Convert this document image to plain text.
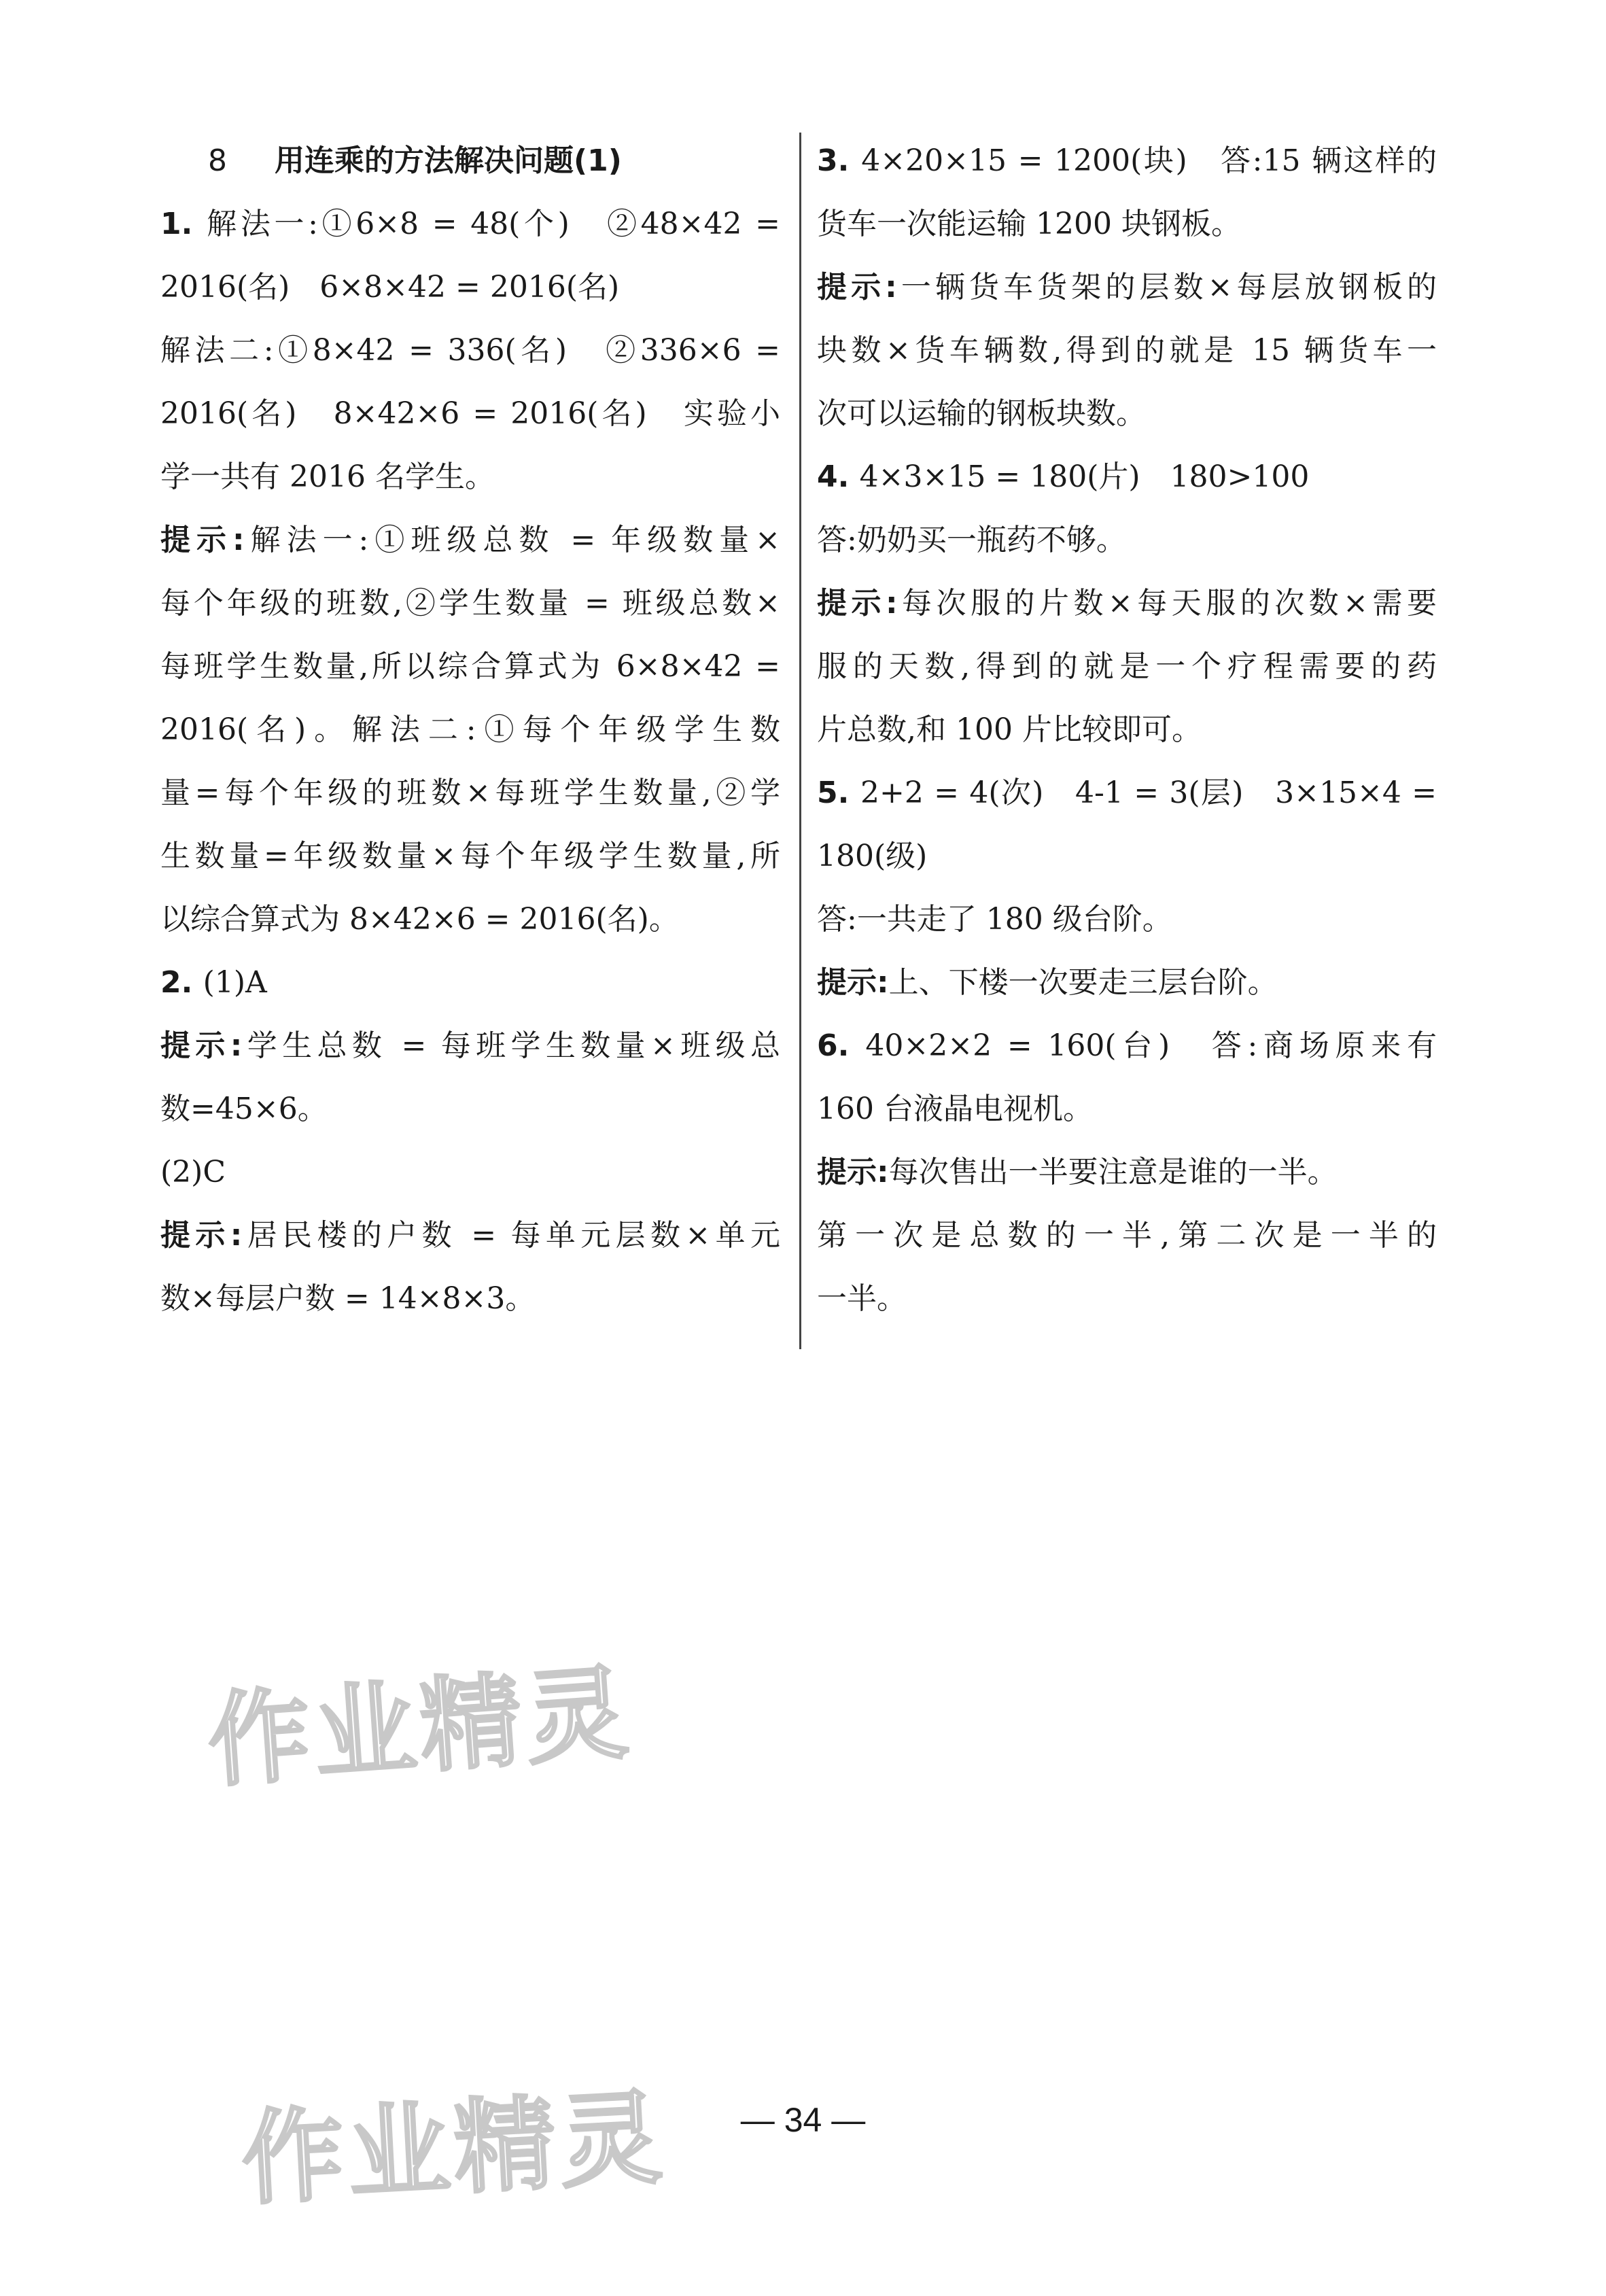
8 用连乘的方法解决问题(1)
1. 解法一:①6×8 = 48(个)　②48×42 =
2016(名)　6×8×42 = 2016(名)
解法二:①8×42 = 336(名)　②336×6 =
2016(名)　8×42×6 = 2016(名)　实验小
学一共有 2016 名学生。
提示:解法一:①班级总数 = 年级数量×
每个年级的班数,②学生数量 = 班级总数×
每班学生数量,所以综合算式为 6×8×42 =
2016(名)。解法二:①每个年级学生数
量=每个年级的班数×每班学生数量,②学
生数量=年级数量×每个年级学生数量,所
以综合算式为 8×42×6 = 2016(名)。
2. (1)A
提示:学生总数 = 每班学生数量×班级总
数=45×6。
(2)C
提示:居民楼的户数 = 每单元层数×单元
数×每层户数 = 14×8×3。
3. 4×20×15 = 1200(块)　答:15 辆这样的
货车一次能运输 1200 块钢板。
提示:一辆货车货架的层数×每层放钢板的
块数×货车辆数,得到的就是 15 辆货车一
次可以运输的钢板块数。
4. 4×3×15 = 180(片)　180>100
答:奶奶买一瓶药不够。
提示:每次服的片数×每天服的次数×需要
服的天数,得到的就是一个疗程需要的药
片总数,和 100 片比较即可。
5. 2+2 = 4(次)　4-1 = 3(层)　3×15×4 =
180(级)
答:一共走了 180 级台阶。
提示:上、下楼一次要走三层台阶。
6. 40×2×2 = 160(台)　答:商场原来有
160 台液晶电视机。
提示:每次售出一半要注意是谁的一半。
第一次是总数的一半,第二次是一半的
一半。
作业精灵
作业精灵	— 34 —
